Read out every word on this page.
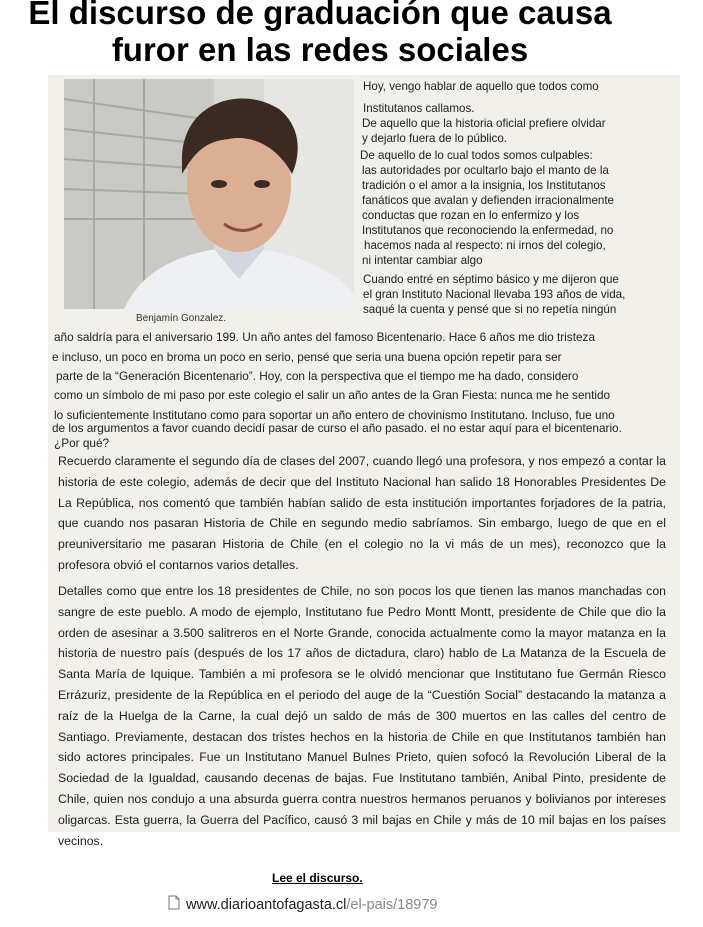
El discurso de graduación que causa
furor en las redes sociales
Benjamín Gonzalez.
Hoy, vengo hablar de aquello que todos como
Institutanos callamos.
De aquello que la historia oficial prefiere olvidar
y dejarlo fuera de lo público.
De aquello de lo cual todos somos culpables:
las autoridades por ocultarlo bajo el manto de la
tradición o el amor a la insignia, los Institutanos
fanáticos que avalan y defienden irracionalmente
conductas que rozan en lo enfermizo y los
Institutanos que reconociendo la enfermedad, no
hacemos nada al respecto: ni irnos del colegio,
ni intentar cambiar algo
Cuando entré en séptimo básico y me dijeron que
el gran Instituto Nacional llevaba 193 años de vida,
saqué la cuenta y pensé que si no repetía ningún
año saldría para el aniversario 199. Un año antes del famoso Bicentenario. Hace 6 años me dio tristeza
e incluso, un poco en broma un poco en serio, pensé que seria una buena opción repetir para ser
parte de la “Generación Bicentenario”. Hoy, con la perspectiva que el tiempo me ha dado, considero
como un símbolo de mi paso por este colegio el salir un año antes de la Gran Fiesta: nunca me he sentido
lo suficientemente Institutano como para soportar un año entero de chovinismo Institutano. Incluso, fue uno
de los argumentos a favor cuando decidí pasar de curso el año pasado. el no estar aquí para el bicentenario.
¿Por qué?

Recuerdo claramente el segundo día de clases del 2007, cuando llegó una profesora, y nos empezó a contar la historia de este colegio, además de decir que del Instituto Nacional han salido 18 Honorables Presidentes De La República, nos comentó que también habían salido de esta institución importantes forjadores de la patria, que cuando nos pasaran Historia de Chile en segundo medio sabríamos. Sin embargo, luego de que en el preuniversitario me pasaran Historia de Chile (en el colegio no la vi más de un mes), reconozco que la profesora obvió el contarnos varios detalles.

Detalles como que entre los 18 presidentes de Chile, no son pocos los que tienen las manos manchadas con sangre de este pueblo. A modo de ejemplo, Institutano fue Pedro Montt Montt, presidente de Chile que dio la orden de asesinar a 3.500 salitreros en el Norte Grande, conocida actualmente como la mayor matanza en la historia de nuestro país (después de los 17 años de dictadura, claro) hablo de La Matanza de la Escuela de Santa María de Iquique. También a mi profesora se le olvidó mencionar que Institutano fue Germán Riesco Errázuriz, presidente de la República en el periodo del auge de la “Cuestión Social” destacando la matanza a raíz de la Huelga de la Carne, la cual dejó un saldo de más de 300 muertos en las calles del centro de Santiago. Previamente, destacan dos tristes hechos en la historia de Chile en que Institutanos también han sido actores principales. Fue un Institutano Manuel Bulnes Prieto, quien sofocó la Revolución Liberal de la Sociedad de la Igualdad, causando decenas de bajas. Fue Institutano también, Anibal Pinto, presidente de Chile, quien nos condujo a una absurda guerra contra nuestros hermanos peruanos y bolivianos por intereses oligarcas. Esta guerra, la Guerra del Pacífico, causó 3 mil bajas en Chile y más de 10 mil bajas en los países vecinos.

Lee el discurso.
www.diarioantofagasta.cl /el-pais/18979
